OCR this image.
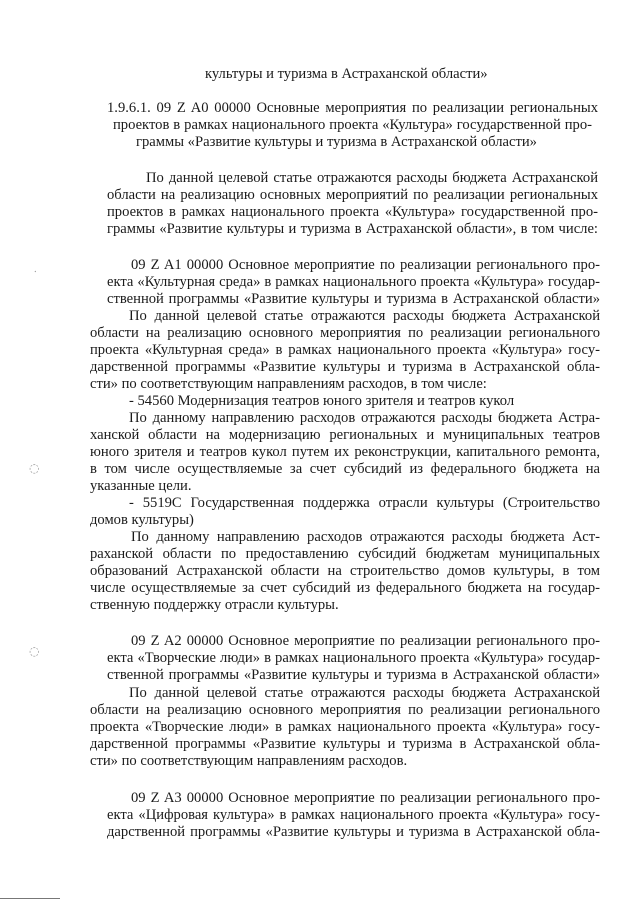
⸱
◌
◌

культуры и туризма в Астраханской области»

1.9.6.1. 09 Z A0 00000 Основные мероприятия по реализации региональных

проектов в рамках национального проекта «Культура» государственной про-

граммы «Развитие культуры и туризма в Астраханской области»

По данной целевой статье отражаются расходы бюджета Астраханской

области на реализацию основных мероприятий по реализации региональных

проектов в рамках национального проекта «Культура» государственной про-

граммы «Развитие культуры и туризма в Астраханской области», в том числе:

09 Z A1 00000 Основное мероприятие по реализации регионального про-

екта «Культурная среда» в рамках национального проекта «Культура» государ-

ственной программы «Развитие культуры и туризма в Астраханской области»

По данной целевой статье отражаются расходы бюджета Астраханской

области на реализацию основного мероприятия по реализации регионального

проекта «Культурная среда» в рамках национального проекта «Культура» госу-

дарственной программы «Развитие культуры и туризма в Астраханской обла-

сти» по соответствующим направлениям расходов, в том числе:

- 54560 Модернизация театров юного зрителя и театров кукол

По данному направлению расходов отражаются расходы бюджета Астра-

ханской области на модернизацию региональных и муниципальных театров

юного зрителя и театров кукол путем их реконструкции, капитального ремонта,

в том числе осуществляемые за счет субсидий из федерального бюджета на

указанные цели.

- 5519С Государственная поддержка отрасли культуры (Строительство

домов культуры)

По данному направлению расходов отражаются расходы бюджета Аст-

раханской области по предоставлению субсидий бюджетам муниципальных

образований Астраханской области на строительство домов культуры, в том

числе осуществляемые за счет субсидий из федерального бюджета на государ-

ственную поддержку отрасли культуры.

09 Z A2 00000 Основное мероприятие по реализации регионального про-

екта «Творческие люди» в рамках национального проекта «Культура» государ-

ственной программы «Развитие культуры и туризма в Астраханской области»

По данной целевой статье отражаются расходы бюджета Астраханской

области на реализацию основного мероприятия по реализации регионального

проекта «Творческие люди» в рамках национального проекта «Культура» госу-

дарственной программы «Развитие культуры и туризма в Астраханской обла-

сти» по соответствующим направлениям расходов.

09 Z A3 00000 Основное мероприятие по реализации регионального про-

екта «Цифровая культура» в рамках национального проекта «Культура» госу-

дарственной программы «Развитие культуры и туризма в Астраханской обла-
